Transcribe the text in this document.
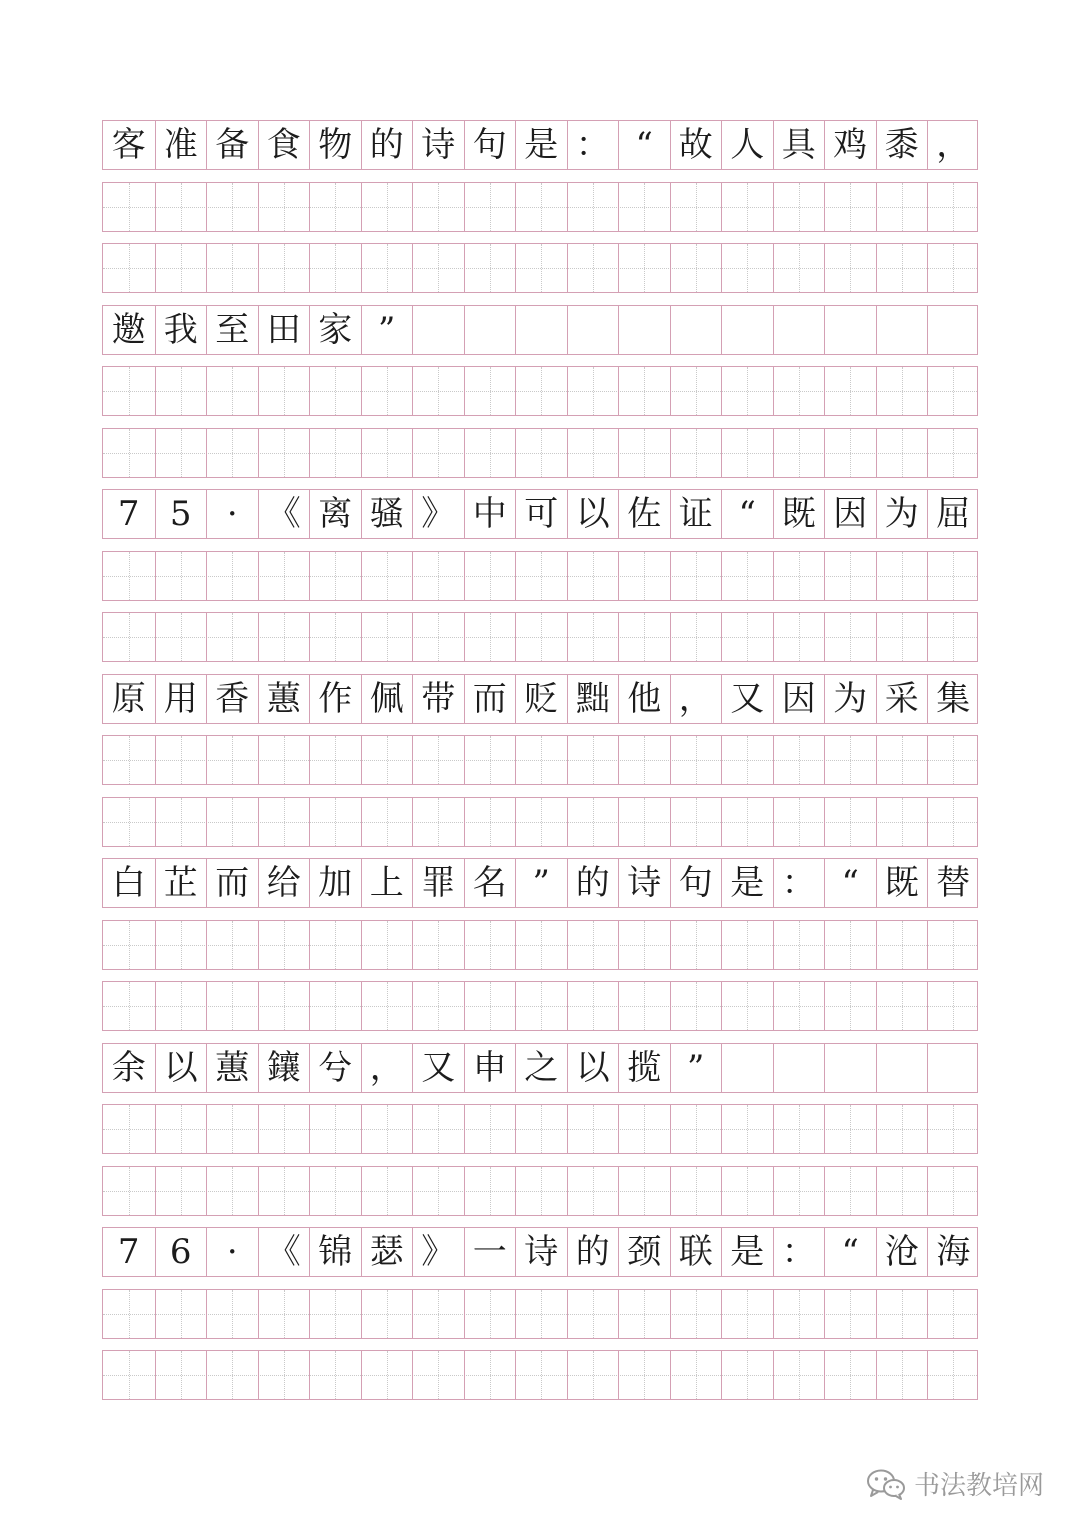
客 准 备 食 物 的 诗 句 是 ： “ 故 人 具 鸡 黍 ，
邀 我 至 田 家 ”
7 5	· 《 离 骚 》 中 可 以 佐 证 “ 既 因 为 屈
原 用 香 蕙 作 佩 带 而 贬 黜 他 ， 又 因 为 采 集
白 芷 而 给 加 上 罪 名 ” 的 诗 句 是 ： “ 既 替
余 以 蕙 鑲 兮 ， 又 申 之 以 揽 ”
7 6	· 《 锦 瑟 》 一 诗 的 颈 联 是 ： “ 沧 海
书法教培网
